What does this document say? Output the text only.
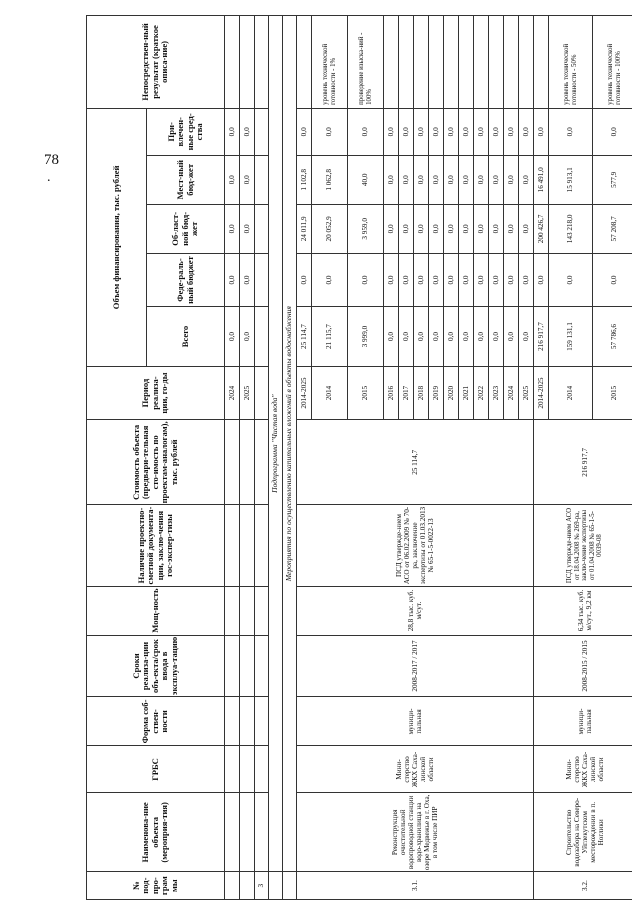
78
.
№ под-про-грам мы	Наименова-ние объекта (мероприя-тия)	ГРБС	Форма соб-ствен-ности	Сроки реализа-ции объ-екта/срок ввода в эксплуа-тацию	Мощ-ность	Наличие проектно-сметной документа-ции, заклю-чения гос-экспер-тизы	Стоимость объекта (предвари-тельная сто-имость по проектам-аналогам), тыс. рублей	Период реализа-ции, го-ды	Объем финансирования, тыс. рублей					Непосредствен-ный результат (краткое описа-ние)
									Всего	Феде-раль-ный бюджет	Об-ласт-ной бюд-жет	Мест-ный бюд-жет	При-влечен-ные сред-ства	
								2024	0,0	0,0	0,0	0,0	0,0	
								2025	0,0	0,0	0,0	0,0	0,0	
3														
	Подпрограмма "Чистая вода"													
	Мероприятия по осуществлению капитальных вложений в объекты водоснабжения													
3.1.	Реконструкция очистительной водопроводной станции водо-хранилища на озере Медвежье в г. Оха, в том числе ПИР	Мини-стерство ЖКХ Саха-линской области	муници-пальная	2008-2017 / 2017	28,8 тыс. куб. м/сут.	ПСД утвержде-нием АСО от 06.02.2009 № 70-ра, заключение экспертизы от 01.03.2013 № 65-1-5-0022-13	25 114,7	2014-2025	25 114,7	0,0	24 011,9	1 102,8	0,0	
								2014	21 115,7	0,0	20 052,9	1 062,8	0,0	уровень технической готовности - 1%
								2015	3 999,0	0,0	3 959,0	40,0	0,0	проведение изыска-ний - 100%
								2016	0,0	0,0	0,0	0,0	0,0	
								2017	0,0	0,0	0,0	0,0	0,0	
								2018	0,0	0,0	0,0	0,0	0,0	
								2019	0,0	0,0	0,0	0,0	0,0	
								2020	0,0	0,0	0,0	0,0	0,0	
								2021	0,0	0,0	0,0	0,0	0,0	
								2022	0,0	0,0	0,0	0,0	0,0	
								2023	0,0	0,0	0,0	0,0	0,0	
								2024	0,0	0,0	0,0	0,0	0,0	
								2025	0,0	0,0	0,0	0,0	0,0	
3.2.	Строительство водозабора на Северо-Уйглекутском месторождении в п. Ноглики	Мини-стерство ЖКХ Саха-линской области	муници-пальная	2008-2015 / 2015	6,34 тыс. куб. м/сут., 9,2 км	ПСД утвержде-нием АСО от 18.04.2008 № 269-ра, заклю-чение экспертизы от 01.04.2008 № 65-1-5-0039-08	216 917,7	2014-2025	216 917,7	0,0	200 426,7	16 491,0	0,0	
								2014	159 131,1	0,0	143 218,0	15 913,1	0,0	уровень технической готовности - 50%
								2015	57 786,6	0,0	57 208,7	577,9	0,0	уровень технической готовности - 100%
